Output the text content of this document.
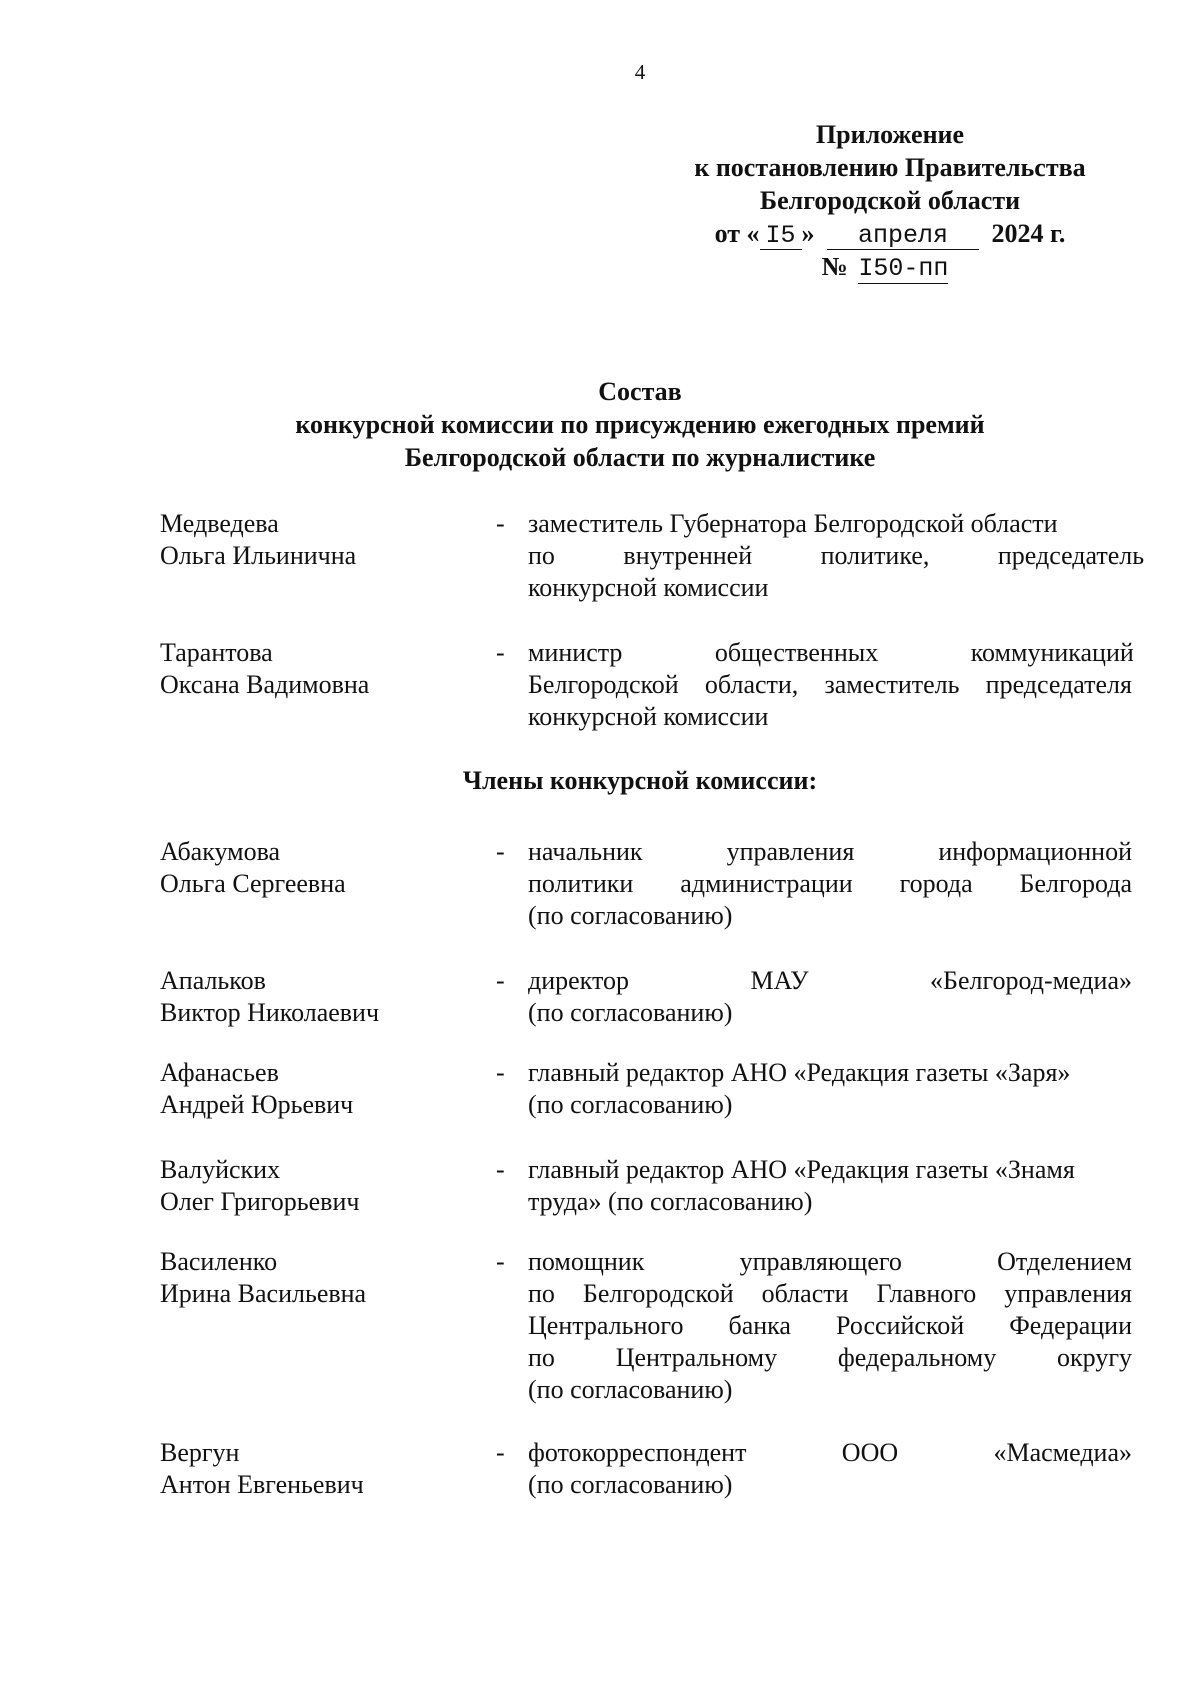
4
Приложение
к постановлению Правительства
Белгородской области
от « I5 » апреля 2024 г.
№ I50-пп
Состав
конкурсной комиссии по присуждению ежегодных премий
Белгородской области по журналистике
Медведева
Ольга Ильинична
- заместитель Губернатора Белгородской области
по внутренней политике, председатель
конкурсной комиссии
Тарантова
Оксана Вадимовна
- министр общественных коммуникаций
Белгородской области, заместитель председателя
конкурсной комиссии
Члены конкурсной комиссии:
Абакумова
Ольга Сергеевна
- начальник управления информационной
политики администрации города Белгорода
(по согласованию)
Апальков
Виктор Николаевич
- директор МАУ «Белгород-медиа»
(по согласованию)
Афанасьев
Андрей Юрьевич
- главный редактор АНО «Редакция газеты «Заря»
(по согласованию)
Валуйских
Олег Григорьевич
- главный редактор АНО «Редакция газеты «Знамя
труда» (по согласованию)
Василенко
Ирина Васильевна
- помощник управляющего Отделением
по Белгородской области Главного управления
Центрального банка Российской Федерации
по Центральному федеральному округу
(по согласованию)
Вергун
Антон Евгеньевич
- фотокорреспондент ООО «Масмедиа»
(по согласованию)
